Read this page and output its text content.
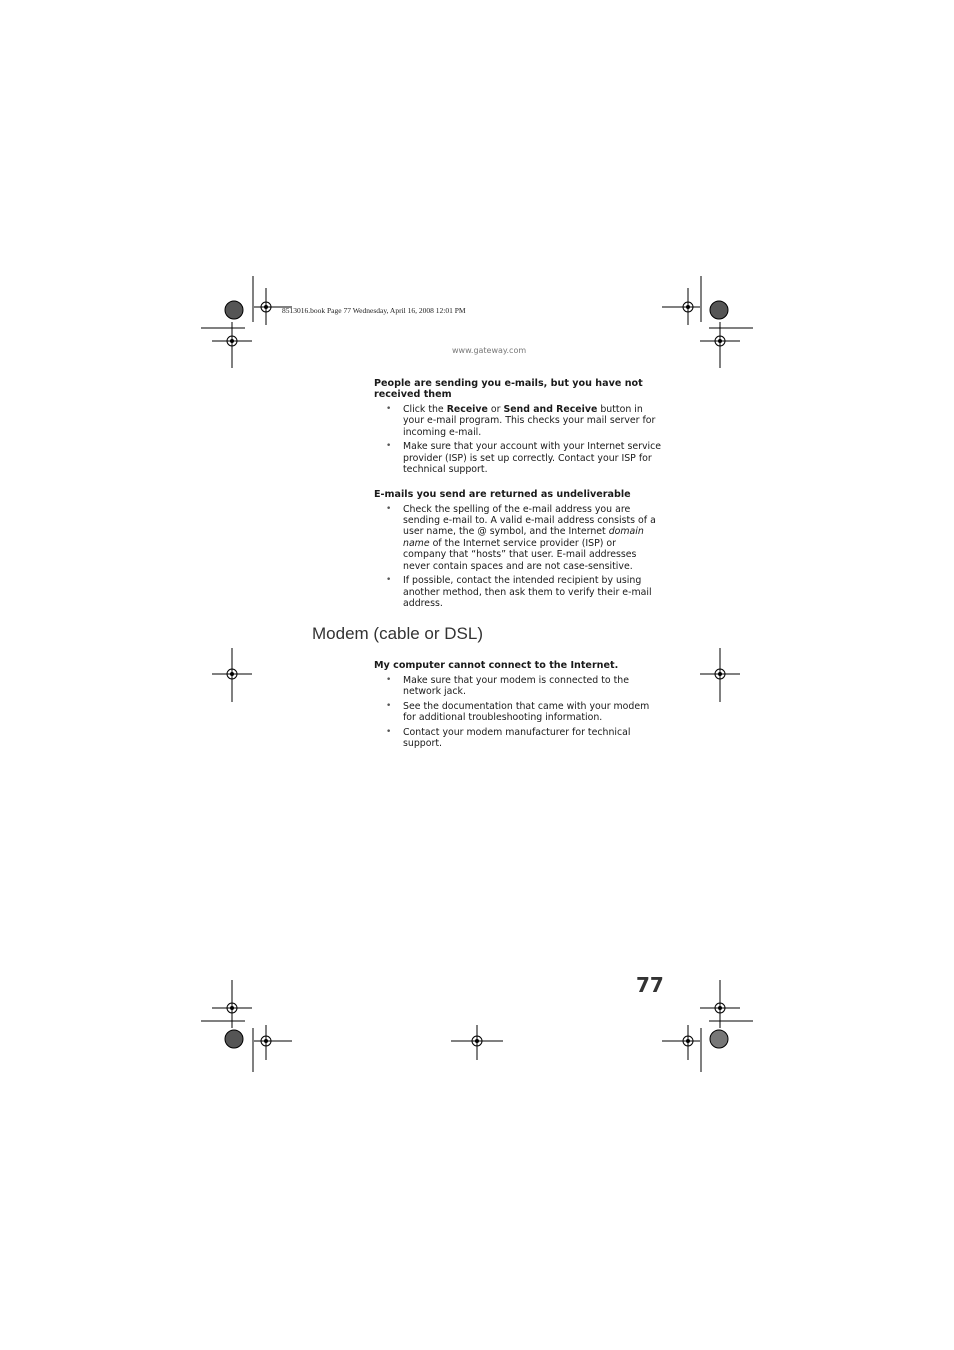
8513016.book Page 77 Wednesday, April 16, 2008 12:01 PM
www.gateway.com
People are sending you e-mails, but you have not received them
• Click the Receive or Send and Receive button in your e-mail program. This checks your mail server for incoming e-mail.
• Make sure that your account with your Internet service provider (ISP) is set up correctly. Contact your ISP for technical support.
E-mails you send are returned as undeliverable
• Check the spelling of the e-mail address you are sending e-mail to. A valid e-mail address consists of a user name, the @ symbol, and the Internet domain name of the Internet service provider (ISP) or company that “hosts” that user. E-mail addresses never contain spaces and are not case-sensitive.
• If possible, contact the intended recipient by using another method, then ask them to verify their e-mail address.
Modem (cable or DSL)
My computer cannot connect to the Internet.
• Make sure that your modem is connected to the network jack.
• See the documentation that came with your modem for additional troubleshooting information.
• Contact your modem manufacturer for technical support.
77
